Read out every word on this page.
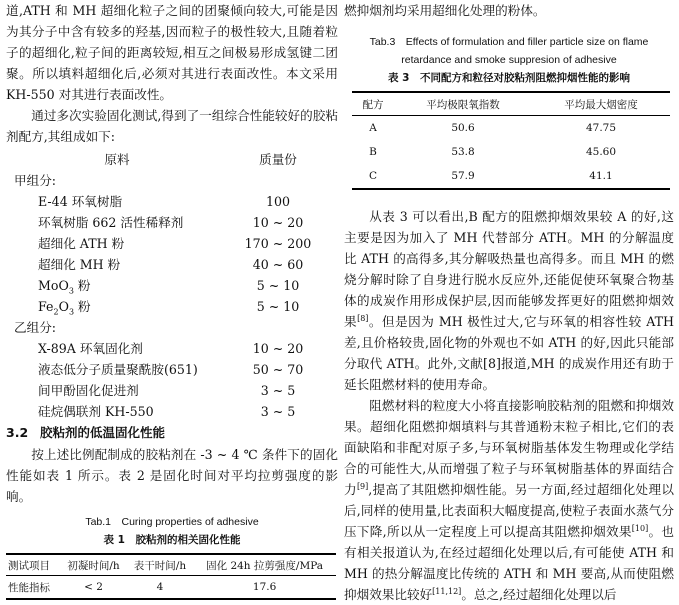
道,ATH 和 MH 超细化粒子之间的团聚倾向较大,可能是因为其分子中含有较多的羟基,因而粒子的极性较大,且随着粒子的超细化,粒子间的距离较短,相互之间极易形成氢键二团聚。所以填料超细化后,必须对其进行表面改性。本文采用 KH-550 对其进行表面改性。

通过多次实验固化测试,得到了一组综合性能较好的胶粘剂配方,其组成如下:

原料	质量份
甲组分:
E-44 环氧树脂	100
环氧树脂 662 活性稀释剂	10 ~ 20
超细化 ATH 粉	170 ~ 200
超细化 MH 粉	40 ~ 60
MoO$_3$ 粉	5 ~ 10
$Fe_2O_3$ 粉	5 ~ 10
乙组分:
X-89A 环氧固化剂	10 ~ 20
液态低分子质量聚酰胺(651)	50 ~ 70
间甲酚固化促进剂	3 ~ 5
硅烷偶联剂 KH-550	3 ~ 5
3.2 胶粘剂的低温固化性能

按上述比例配制成的胶粘剂在 -3 ~ 4 ℃ 条件下的固化性能如表 1 所示。表 2 是固化时间对平均拉剪强度的影响。

Tab.1　Curing properties of adhesive
表 1　胶粘剂的相关固化性能
测试项目	初凝时间/h	表干时间/h	固化 24h 拉剪强度/MPa
性能指标	< 2	4	17.6
燃抑烟剂均采用超细化处理的粉体。
Tab.3　Effects of formulation and filler particle size on flame
retardance and smoke suppresion of adhesive
表 3　不同配方和粒径对胶粘剂阻燃抑烟性能的影响
配方	平均极限氧指数	平均最大烟密度
A	50.6	47.75
B	53.8	45.60
C	57.9	41.1

从表 3 可以看出,B 配方的阻燃抑烟效果较 A 的好,这主要是因为加入了 MH 代替部分 ATH。MH 的分解温度比 ATH 的高得多,其分解吸热量也高得多。而且 MH 的燃烧分解时除了自身进行脱水反应外,还能促使环氧聚合物基体的成炭作用形成保护层,因而能够发挥更好的阻燃抑烟效果[8]。但是因为 MH 极性过大,它与环氧的相容性较 ATH 差,且价格较贵,固化物的外观也不如 ATH 的好,因此只能部分取代 ATH。此外,文献[8]报道,MH 的成炭作用还有助于延长阻燃材料的使用寿命。

阻燃材料的粒度大小将直接影响胶粘剂的阻燃和抑烟效果。超细化阻燃抑烟填料与其普通粉末粒子相比,它们的表面缺陷和非配对原子多,与环氧树脂基体发生物理或化学结合的可能性大,从而增强了粒子与环氧树脂基体的界面结合力[9],提高了其阻燃抑烟性能。另一方面,经过超细化处理以后,同样的使用量,比表面积大幅度提高,使粒子表面水蒸气分压下降,所以从一定程度上可以提高其阻燃抑烟效果[10]。也有相关报道认为,在经过超细化处理以后,有可能使 ATH 和 MH 的热分解温度比传统的 ATH 和 MH 要高,从而使阻燃抑烟效果比较好[11,12]。总之,经过超细化处理以后
